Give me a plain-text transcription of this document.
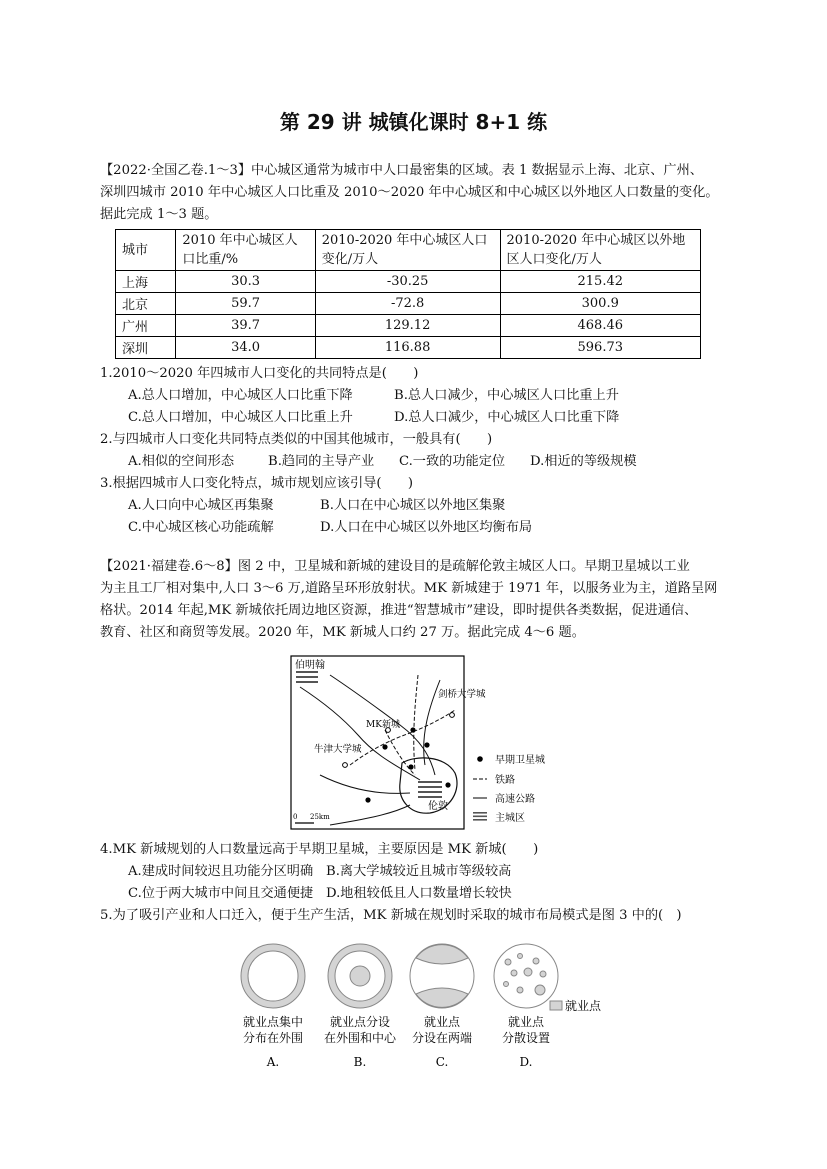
第 29 讲 城镇化课时 8+1 练
【2022·全国乙卷.1～3】中心城区通常为城市中人口最密集的区域。表 1 数据显示上海、北京、广州、
深圳四城市 2010 年中心城区人口比重及 2010～2020 年中心城区和中心城区以外地区人口数量的变化。
据此完成 1～3 题。
城市	2010 年中心城区人口比重/%	2010-2020 年中心城区人口变化/万人	2010-2020 年中心城区以外地区人口变化/万人
上海	30.3	-30.25	215.42
北京	59.7	-72.8	300.9
广州	39.7	129.12	468.46
深圳	34.0	116.88	596.73
1.2010～2020 年四城市人口变化的共同特点是(　　)
A.总人口增加，中心城区人口比重下降	B.总人口减少，中心城区人口比重上升
C.总人口增加，中心城区人口比重上升	D.总人口减少，中心城区人口比重下降
2.与四城市人口变化共同特点类似的中国其他城市，一般具有(　　)
A.相似的空间形态	B.趋同的主导产业 C.一致的功能定位 D.相近的等级规模
3.根据四城市人口变化特点，城市规划应该引导(　　)
A.人口向中心城区再集聚	B.人口在中心城区以外地区集聚
C.中心城区核心功能疏解	D.人口在中心城区以外地区均衡布局
【2021·福建卷.6～8】图 2 中，卫星城和新城的建设目的是疏解伦敦主城区人口。早期卫星城以工业
为主且工厂相对集中,人口 3～6 万,道路呈环形放射状。MK 新城建于 1971 年，以服务业为主，道路呈网
格状。2014 年起,MK 新城依托周边地区资源，推进“智慧城市”建设，即时提供各类数据，促进通信、
教育、社区和商贸等发展。2020 年，MK 新城人口约 27 万。据此完成 4～6 题。
伯明翰
伦敦
MK新城
剑桥大学城
牛津大学城
0 25km
早期卫星城
铁路
高速公路
主城区
4.MK 新城规划的人口数量远高于早期卫星城，主要原因是 MK 新城(　　)
A.建成时间较迟且功能分区明确 B.离大学城较近且城市等级较高
C.位于两大城市中间且交通便捷 D.地租较低且人口数量增长较快
5.为了吸引产业和人口迁入，便于生产生活，MK 新城在规划时采取的城市布局模式是图 3 中的(　)
就业点集中
分布在外围
A.
就业点分设
在外围和中心
B.
就业点
分设在两端
C.
就业点
分散设置
D.
就业点
